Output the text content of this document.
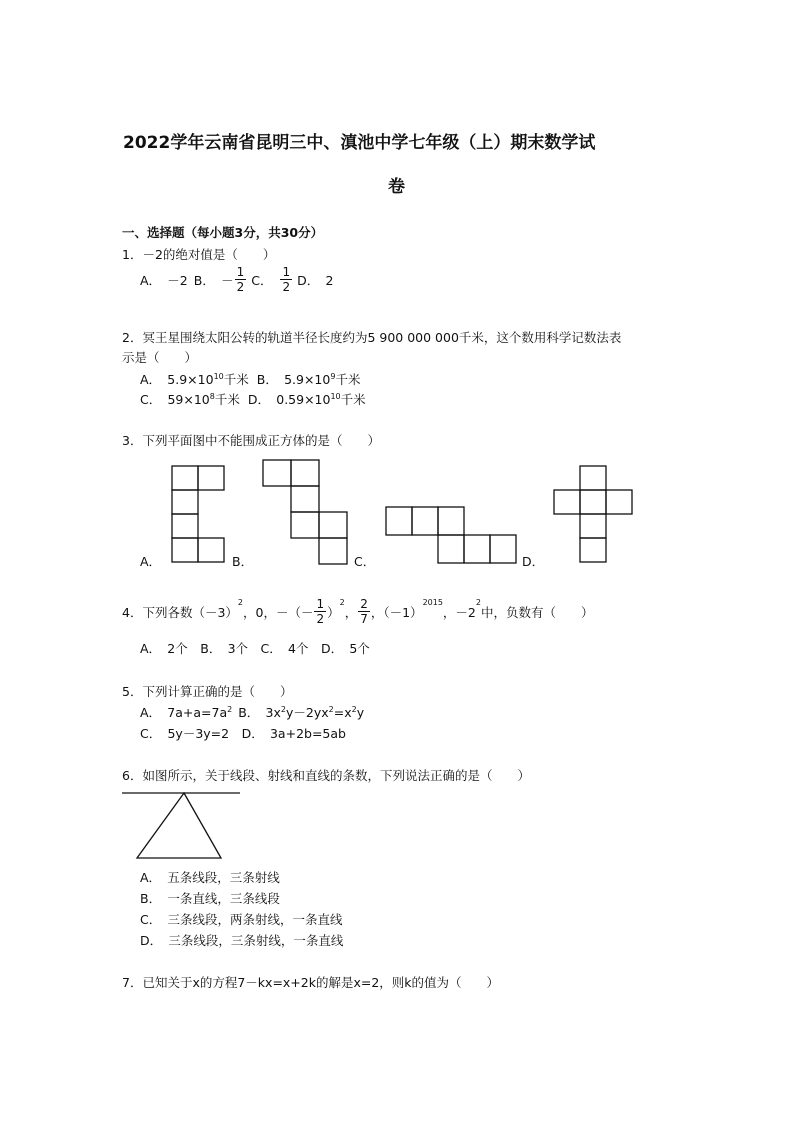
2022学年云南省昆明三中、滇池中学七年级（上）期末数学试
卷
一、选择题（每小题3分，共30分）
1．－2的绝对值是（　　）
A．　－2 B．　－ $\frac{1}{2}$ C． $\frac{1}{2}$ D．　2
2．冥王星围绕太阳公转的轨道半径长度约为5 900 000 000千米，这个数用科学记数法表
示是（　　）
A．　$5.9\times 10^{10}$千米 B．　$5.9\times 10^9$千米
C．　$59\times 10^8$千米 D．　$0.59\times 10^{10}$千米
3．下列平面图中不能围成正方体的是（　　）
A．	B．	C．	D．
4．下列各数（－3）
$^2$
，0，－（－ $\frac{1}{2}$ ）
$^2$
， $\frac{2}{7}$ ，（－1）
$^{2015}$
，－2
$^2$
中，负数有（　　）
A．　2个　B．　3个　C．　4个　D．　5个
5．下列计算正确的是（　　）
A．　$7a+a=7a^2$ B．　$3x^2y-2yx^2=x^2y$
C．　5y－3y=2　D．　3a+2b=5ab
6．如图所示，关于线段、射线和直线的条数，下列说法正确的是（　　）
A．　五条线段，三条射线
B．　一条直线，三条线段
C．　三条线段，两条射线，一条直线
D．　三条线段，三条射线，一条直线
7．已知关于x的方程7－kx=x+2k的解是x=2，则k的值为（　　）
